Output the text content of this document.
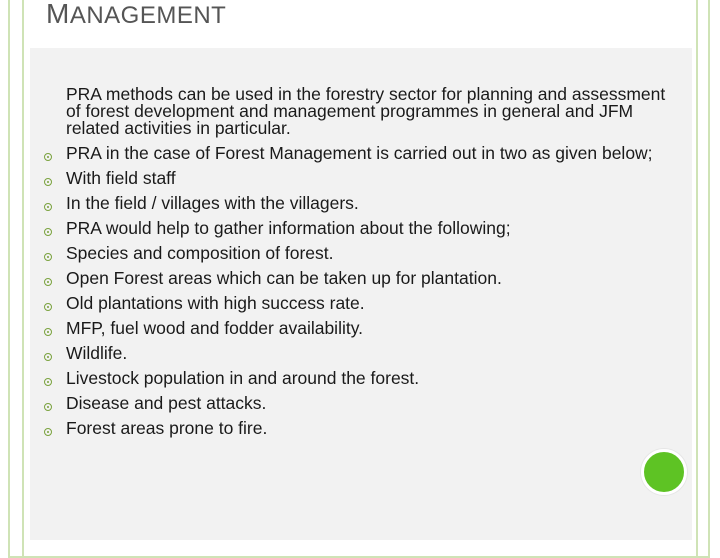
MANAGEMENT
PRA methods can be used in the forestry sector for planning and assessment of forest development and management programmes in general and JFM related activities in particular.
PRA in the case of Forest Management is carried out in two as given below;
With field staff
In the field / villages with the villagers.
PRA would help to gather information about the following;
Species and composition of forest.
Open Forest areas which can be taken up for plantation.
Old plantations with high success rate.
MFP, fuel wood and fodder availability.
Wildlife.
Livestock population in and around the forest.
Disease and pest attacks.
Forest areas prone to fire.
